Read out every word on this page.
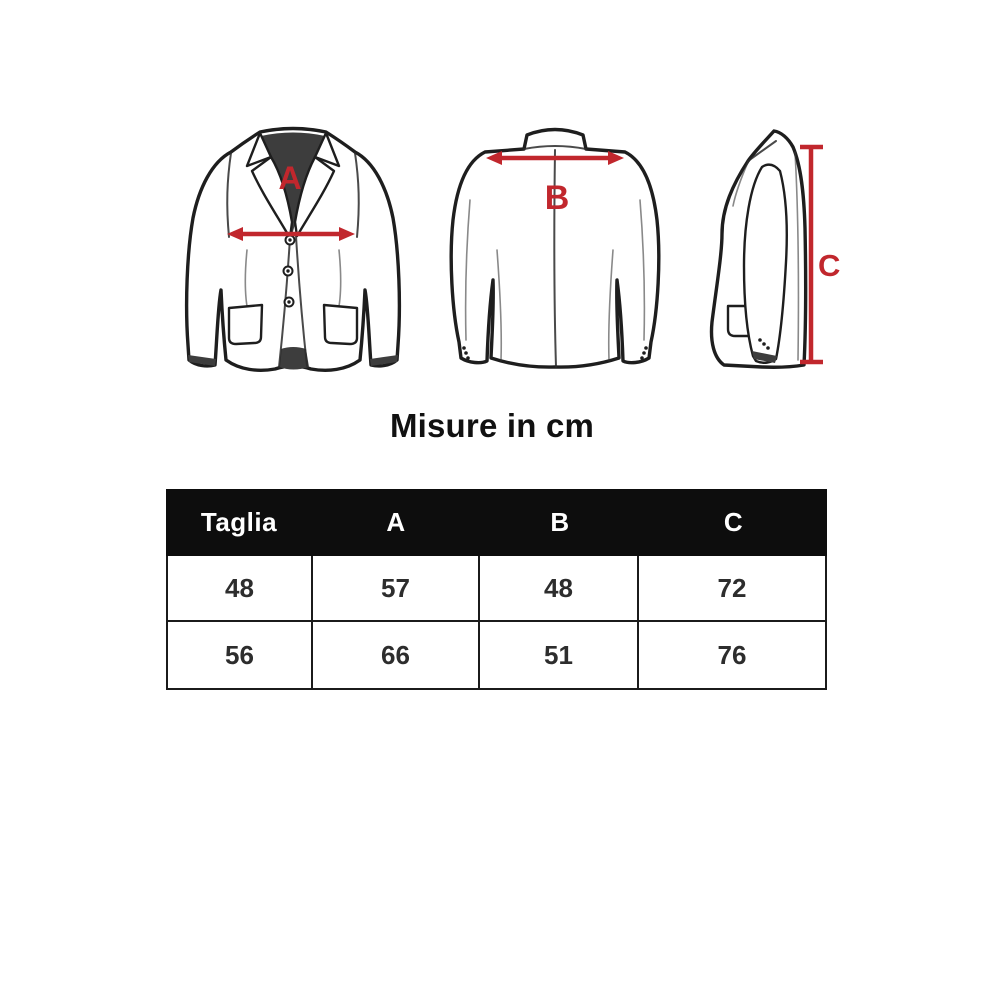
A
B
C
Misure in cm
Taglia	A	B	C
48	57	48	72
56	66	51	76
